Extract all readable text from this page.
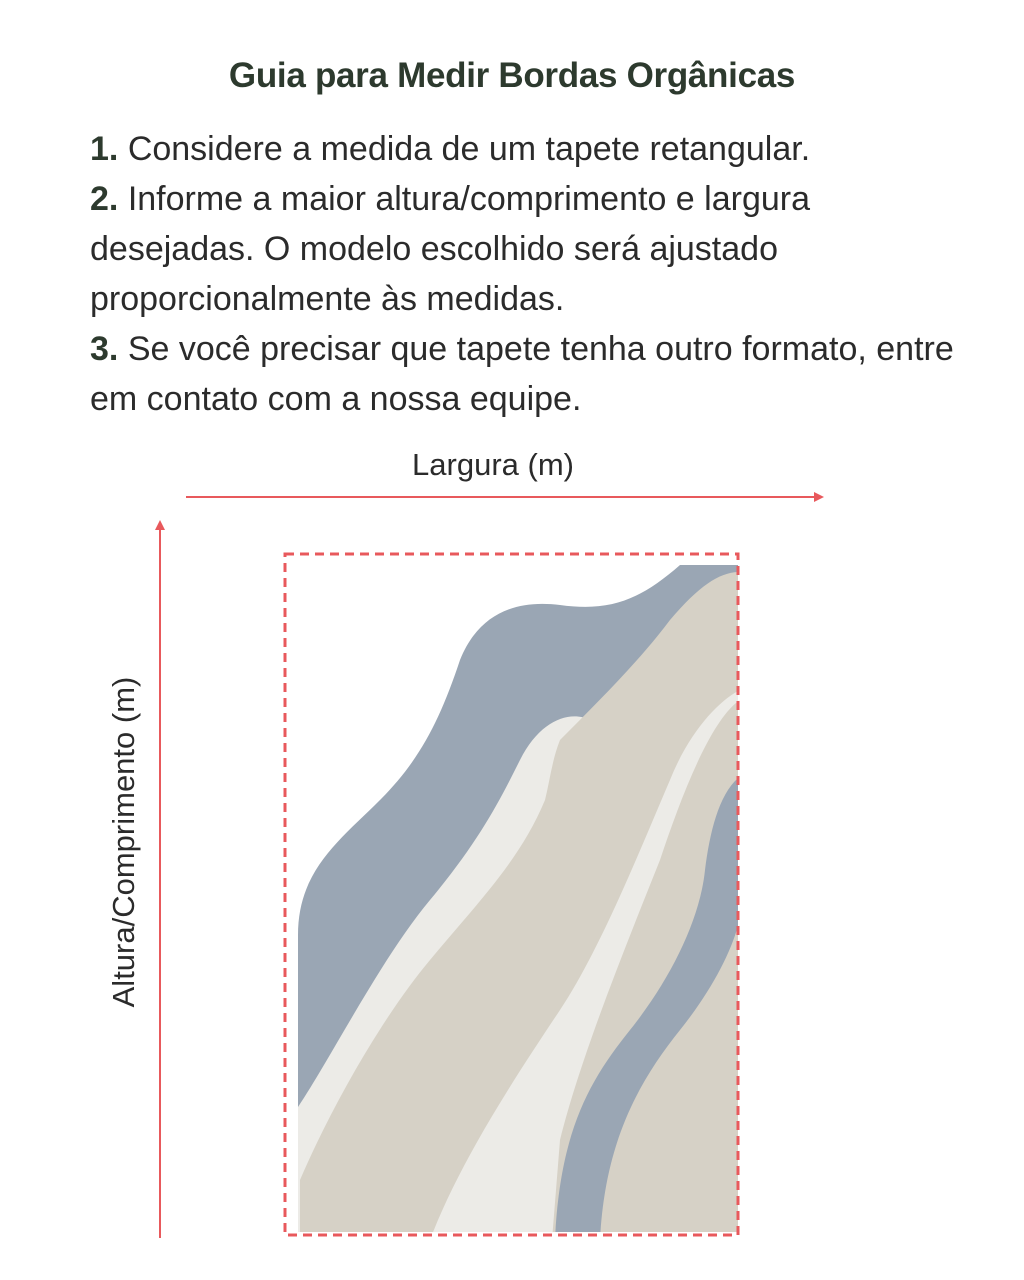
Guia para Medir Bordas Orgânicas
1. Considere a medida de um tapete retangular.
2. Informe a maior altura/comprimento e largura desejadas. O modelo escolhido será ajustado proporcionalmente às medidas.
3. Se você precisar que tapete tenha outro formato, entre em contato com a nossa equipe.
Largura (m)
Altura/Comprimento (m)
